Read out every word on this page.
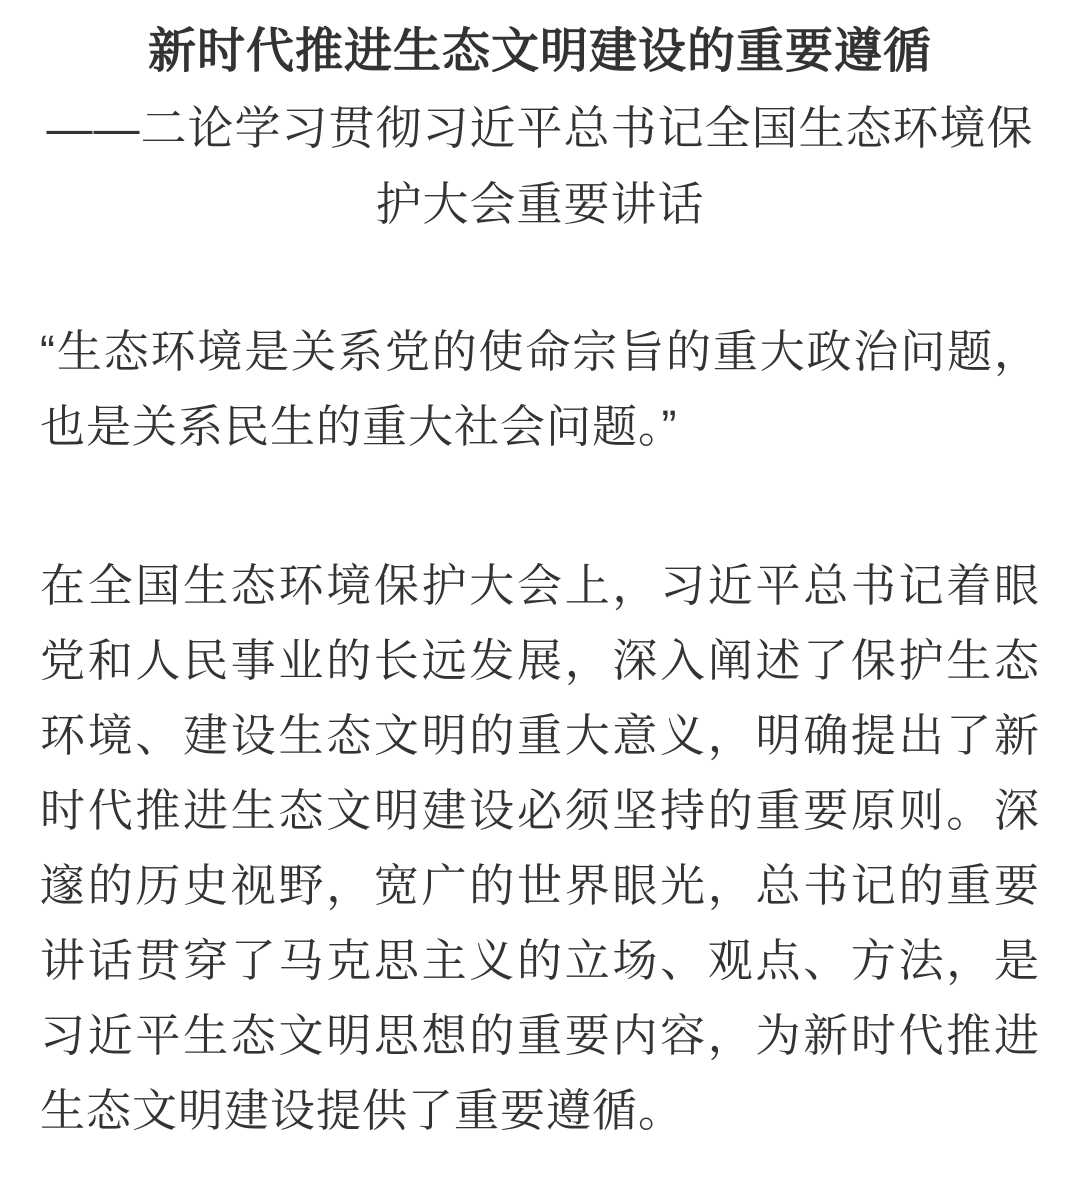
新时代推进生态文明建设的重要遵循

——二论学习贯彻习近平总书记全国生态环境保护大会重要讲话

“生态环境是关系党的使命宗旨的重大政治问题，也是关系民生的重大社会问题。”

在全国生态环境保护大会上，习近平总书记着眼党和人民事业的长远发展，深入阐述了保护生态环境、建设生态文明的重大意义，明确提出了新时代推进生态文明建设必须坚持的重要原则。深邃的历史视野，宽广的世界眼光，总书记的重要讲话贯穿了马克思主义的立场、观点、方法，是习近平生态文明思想的重要内容，为新时代推进生态文明建设提供了重要遵循。
